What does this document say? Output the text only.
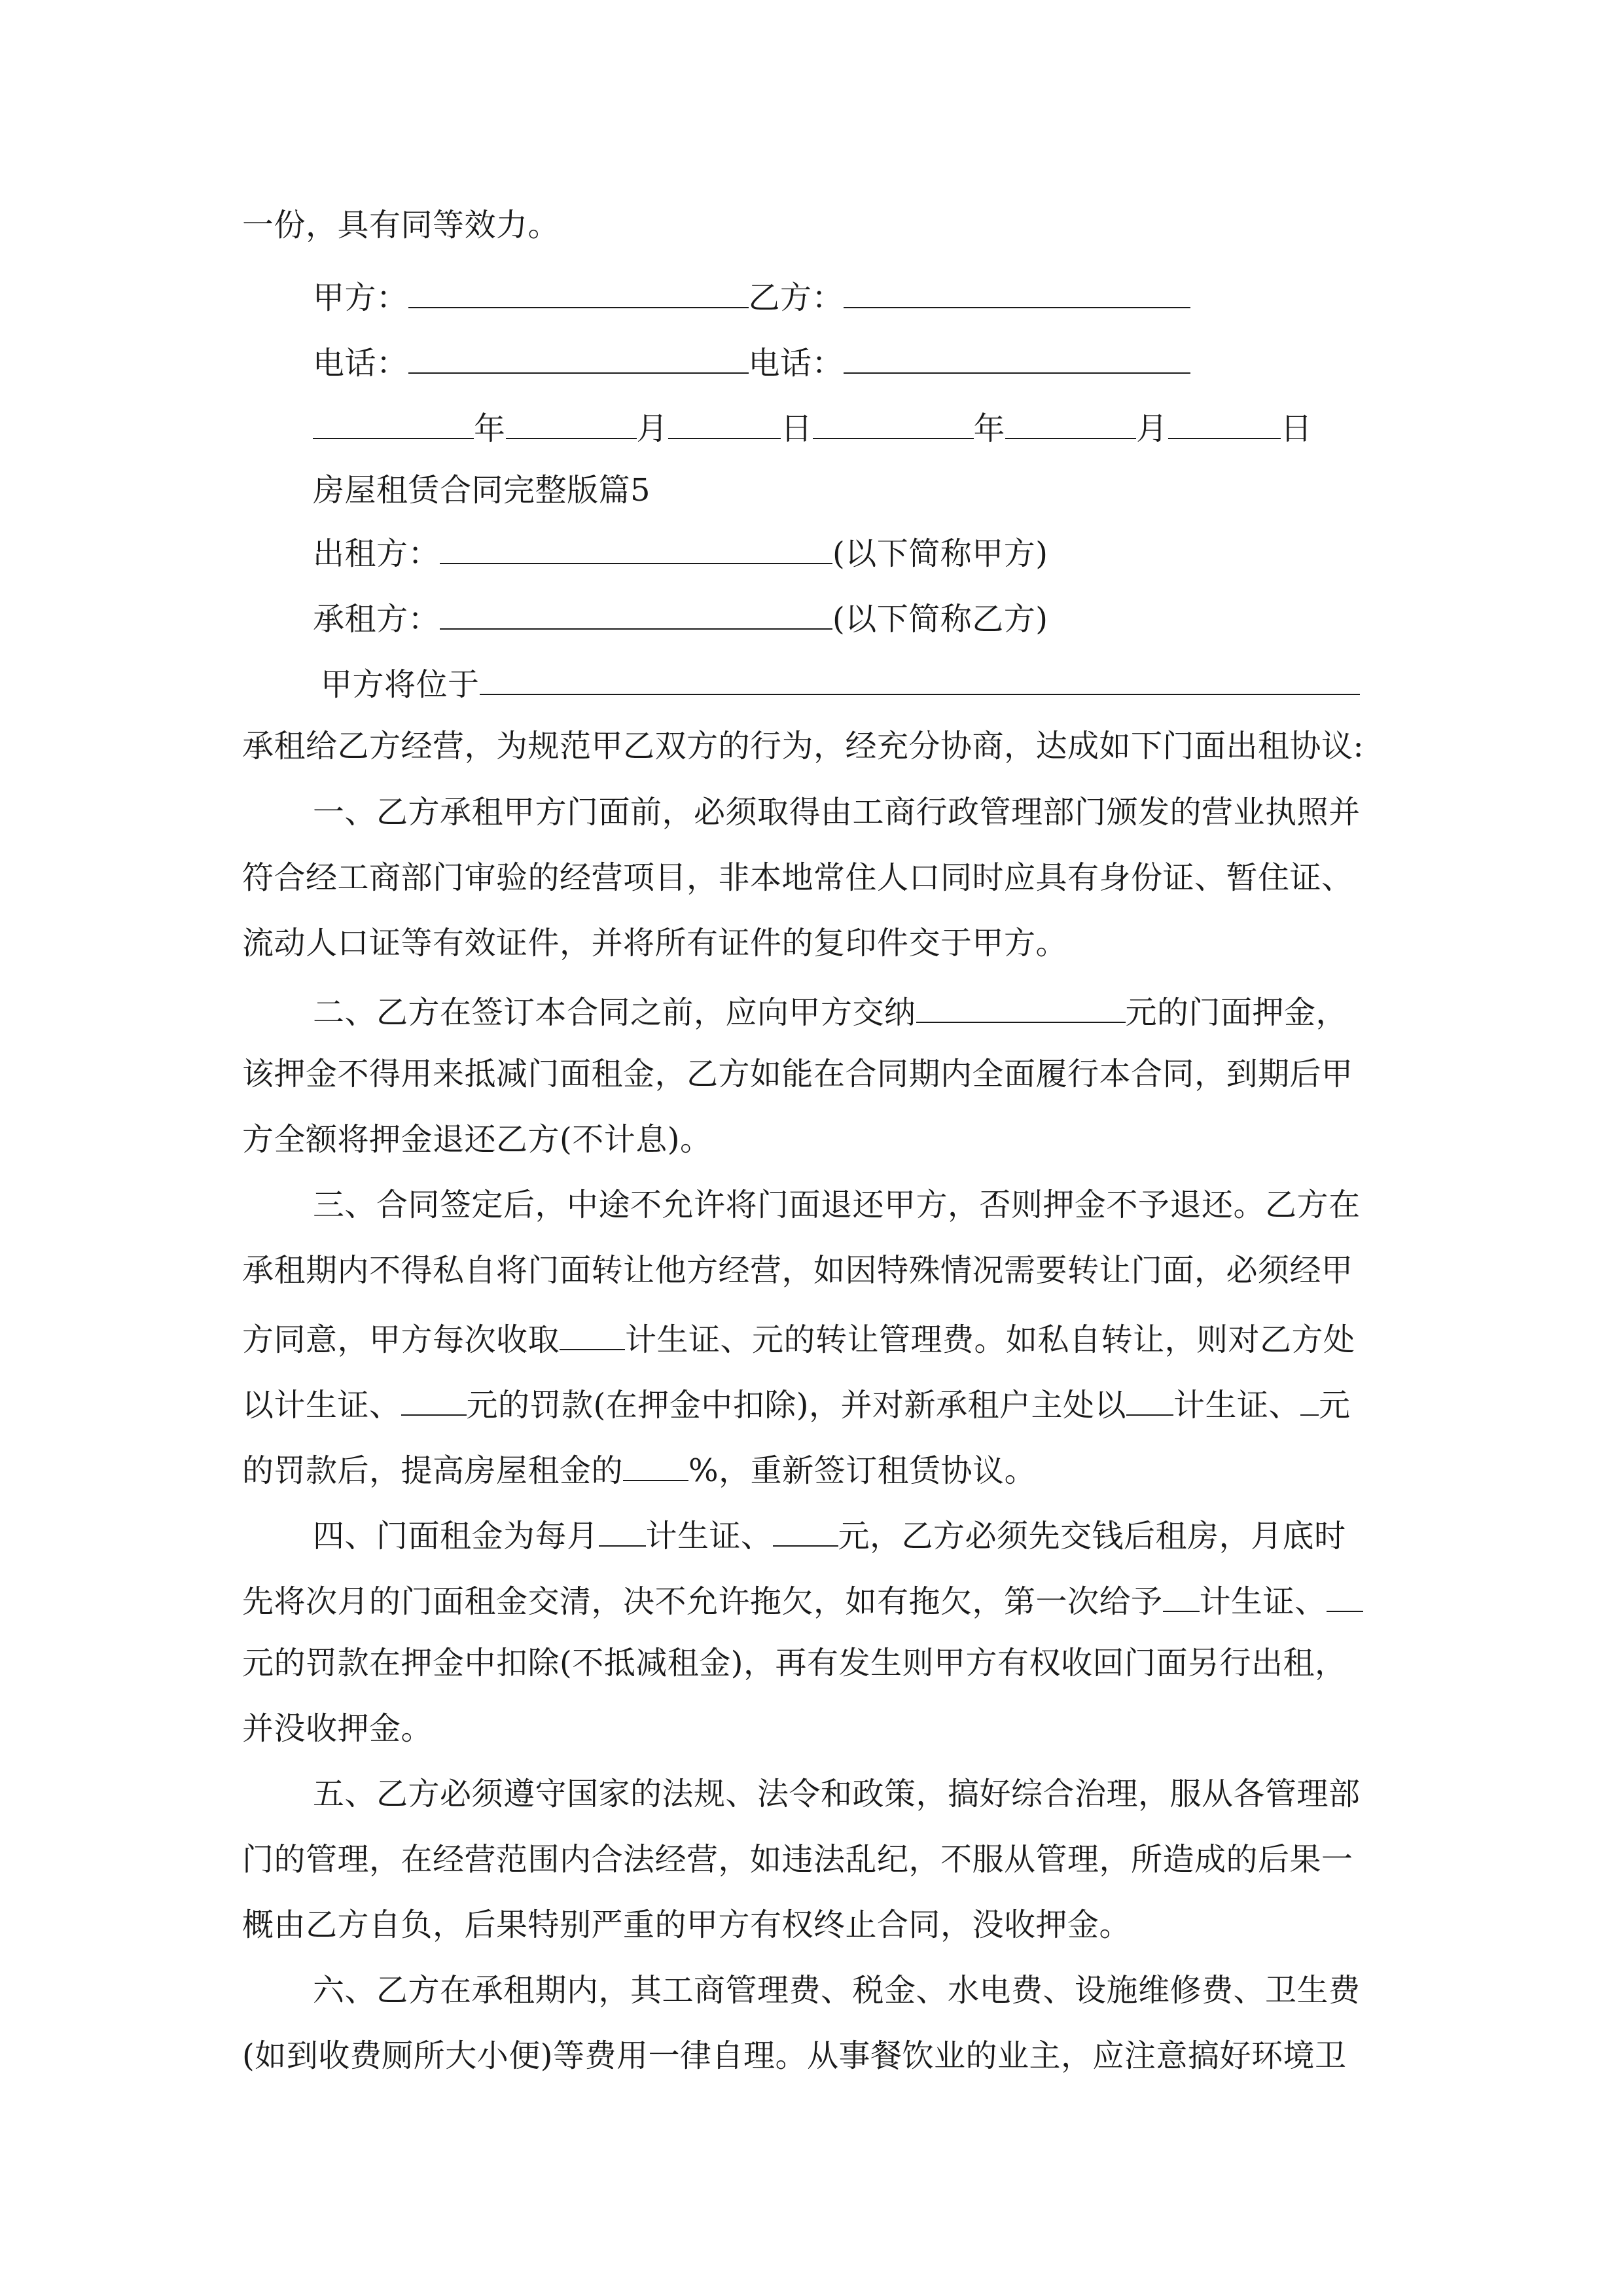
一份，具有同等效力。
甲方：	乙方：
电话：	电话：
年	月	日	年	月	日
房屋租赁合同完整版篇5
出租方：	(以下简称甲方)
承租方：	(以下简称乙方)
甲方将位于
承租给乙方经营，为规范甲乙双方的行为，经充分协商，达成如下门面出租协议:
一、乙方承租甲方门面前，必须取得由工商行政管理部门颁发的营业执照并
符合经工商部门审验的经营项目，非本地常住人口同时应具有身份证、暂住证、
流动人口证等有效证件，并将所有证件的复印件交于甲方。
二、乙方在签订本合同之前，应向甲方交纳	元的门面押金，
该押金不得用来抵减门面租金，乙方如能在合同期内全面履行本合同，到期后甲
方全额将押金退还乙方(不计息)。
三、合同签定后，中途不允许将门面退还甲方，否则押金不予退还。乙方在
承租期内不得私自将门面转让他方经营，如因特殊情况需要转让门面，必须经甲
方同意，甲方每次收取 计生证、元的转让管理费。如私自转让，则对乙方处
以计生证、 元的罚款(在押金中扣除)，并对新承租户主处以 计生证、 元
的罚款后，提高房屋租金的 %，重新签订租赁协议。
四、门面租金为每月 计生证、 元，乙方必须先交钱后租房，月底时
先将次月的门面租金交清，决不允许拖欠，如有拖欠，第一次给予 计生证、
元的罚款在押金中扣除(不抵减租金)，再有发生则甲方有权收回门面另行出租，
并没收押金。
五、乙方必须遵守国家的法规、法令和政策，搞好综合治理，服从各管理部
门的管理，在经营范围内合法经营，如违法乱纪，不服从管理，所造成的后果一
概由乙方自负，后果特别严重的甲方有权终止合同，没收押金。
六、乙方在承租期内，其工商管理费、税金、水电费、设施维修费、卫生费
(如到收费厕所大小便)等费用一律自理。从事餐饮业的业主，应注意搞好环境卫
